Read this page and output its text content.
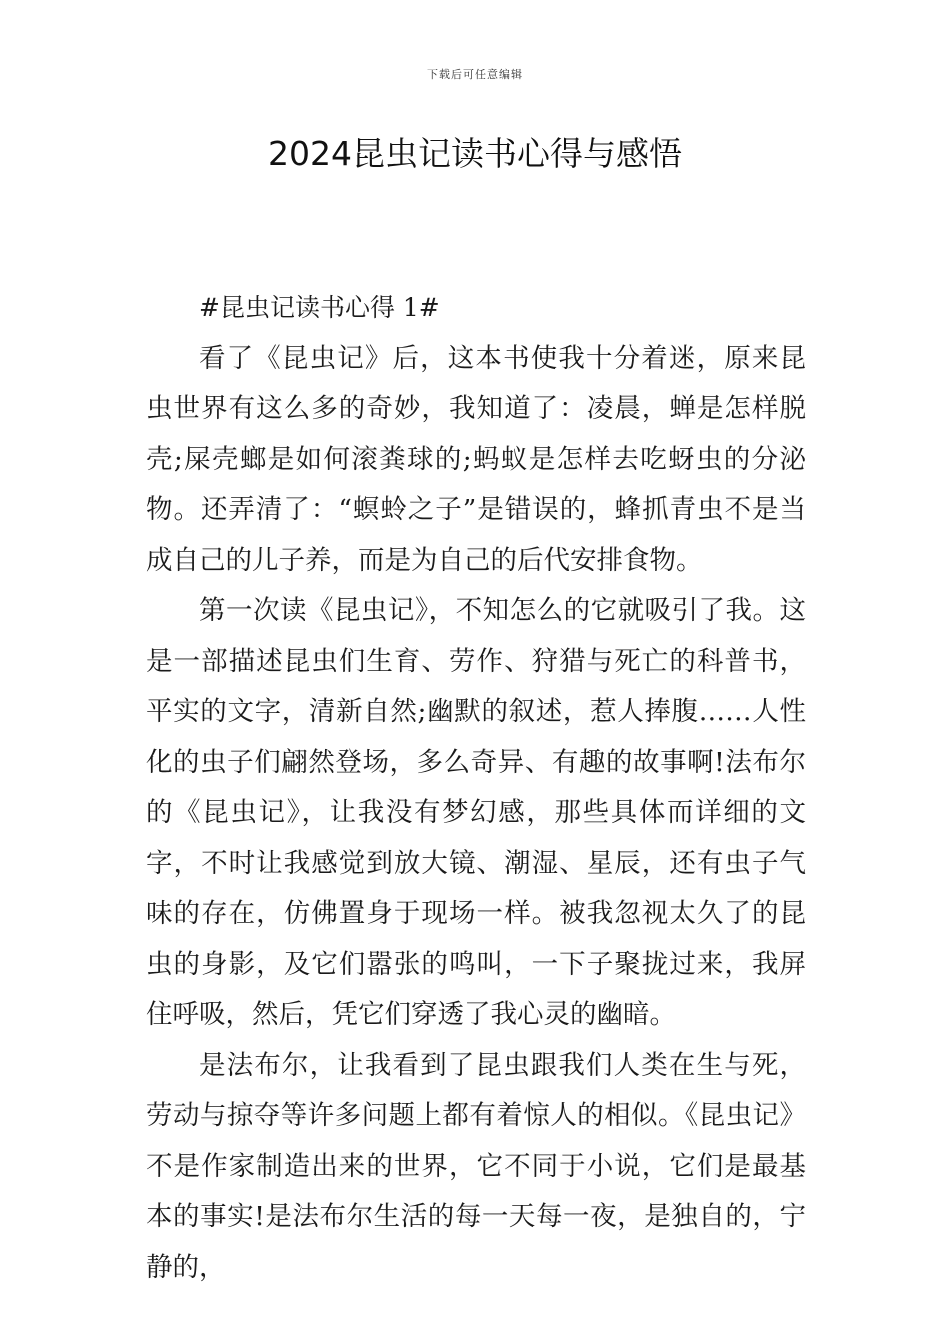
下载后可任意编辑
2024昆虫记读书心得与感悟

#昆虫记读书心得 1#

看了《昆虫记》后，这本书使我十分着迷，原来昆虫世界有这么多的奇妙，我知道了：凌晨，蝉是怎样脱壳;屎壳螂是如何滚粪球的;蚂蚁是怎样去吃蚜虫的分泌物。还弄清了：“螟蛉之子”是错误的，蜂抓青虫不是当成自己的儿子养，而是为自己的后代安排食物。

第一次读《昆虫记》，不知怎么的它就吸引了我。这是一部描述昆虫们生育、劳作、狩猎与死亡的科普书，平实的文字，清新自然;幽默的叙述，惹人捧腹……人性化的虫子们翩然登场，多么奇异、有趣的故事啊!法布尔的《昆虫记》，让我没有梦幻感，那些具体而详细的文字，不时让我感觉到放大镜、潮湿、星辰，还有虫子气味的存在，仿佛置身于现场一样。被我忽视太久了的昆虫的身影，及它们嚣张的鸣叫，一下子聚拢过来，我屏住呼吸，然后，凭它们穿透了我心灵的幽暗。

是法布尔，让我看到了昆虫跟我们人类在生与死，劳动与掠夺等许多问题上都有着惊人的相似。《昆虫记》不是作家制造出来的世界，它不同于小说，它们是最基本的事实!是法布尔生活的每一天每一夜，是独自的，宁静的，
